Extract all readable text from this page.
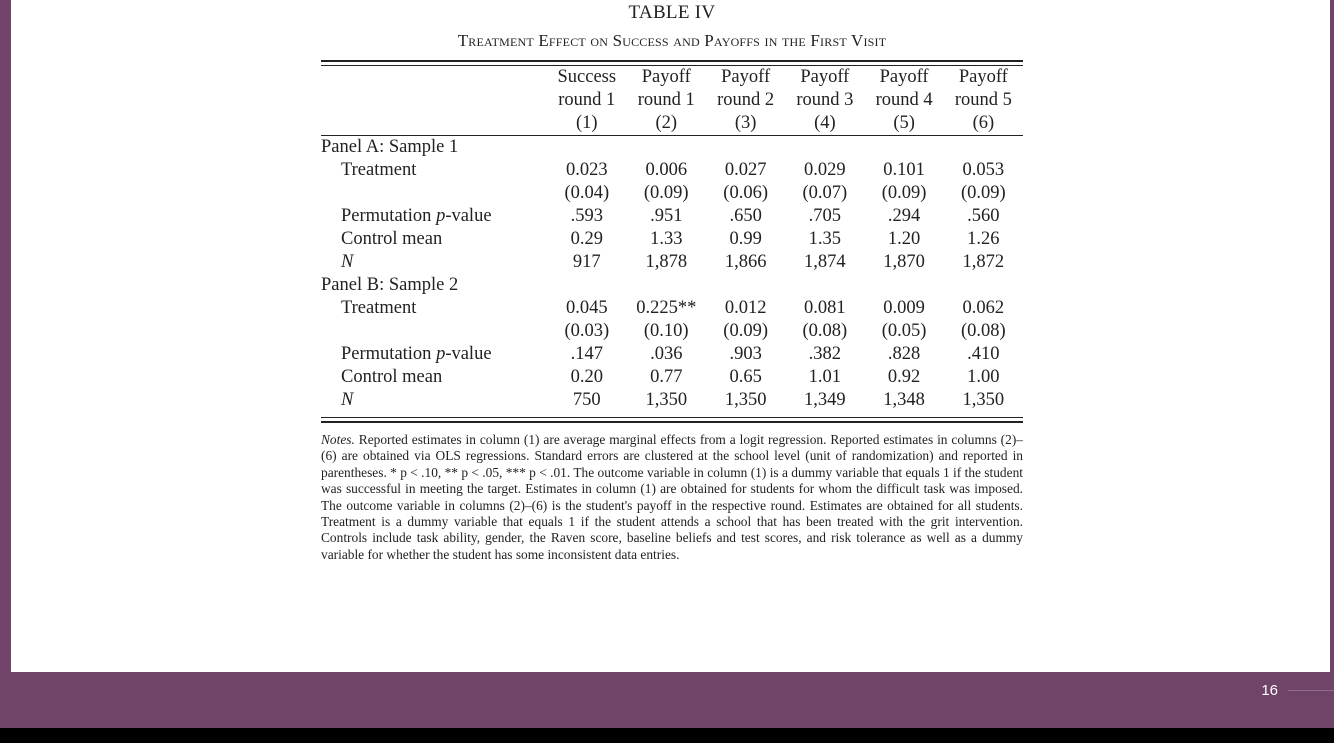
16
TABLE IV
Treatment Effect on Success and Payoffs in the First Visit
	Success	Payoff	Payoff	Payoff	Payoff	Payoff
	round 1	round 1	round 2	round 3	round 4	round 5
	(1)	(2)	(3)	(4)	(5)	(6)

Panel A: Sample 1						
Treatment	0.023	0.006	0.027	0.029	0.101	0.053
	(0.04)	(0.09)	(0.06)	(0.07)	(0.09)	(0.09)
Permutation p-value	.593	.951	.650	.705	.294	.560
Control mean	0.29	1.33	0.99	1.35	1.20	1.26
N	917	1,878	1,866	1,874	1,870	1,872
Panel B: Sample 2						
Treatment	0.045	0.225**	0.012	0.081	0.009	0.062
	(0.03)	(0.10)	(0.09)	(0.08)	(0.05)	(0.08)
Permutation p-value	.147	.036	.903	.382	.828	.410
Control mean	0.20	0.77	0.65	1.01	0.92	1.00
N	750	1,350	1,350	1,349	1,348	1,350
Notes. Reported estimates in column (1) are average marginal effects from a logit regression. Reported estimates in columns (2)–(6) are obtained via OLS regressions. Standard errors are clustered at the school level (unit of randomization) and reported in parentheses. * p < .10, ** p < .05, *** p < .01. The outcome variable in column (1) is a dummy variable that equals 1 if the student was successful in meeting the target. Estimates in column (1) are obtained for students for whom the difficult task was imposed. The outcome variable in columns (2)–(6) is the student's payoff in the respective round. Estimates are obtained for all students. Treatment is a dummy variable that equals 1 if the student attends a school that has been treated with the grit intervention. Controls include task ability, gender, the Raven score, baseline beliefs and test scores, and risk tolerance as well as a dummy variable for whether the student has some inconsistent data entries.
